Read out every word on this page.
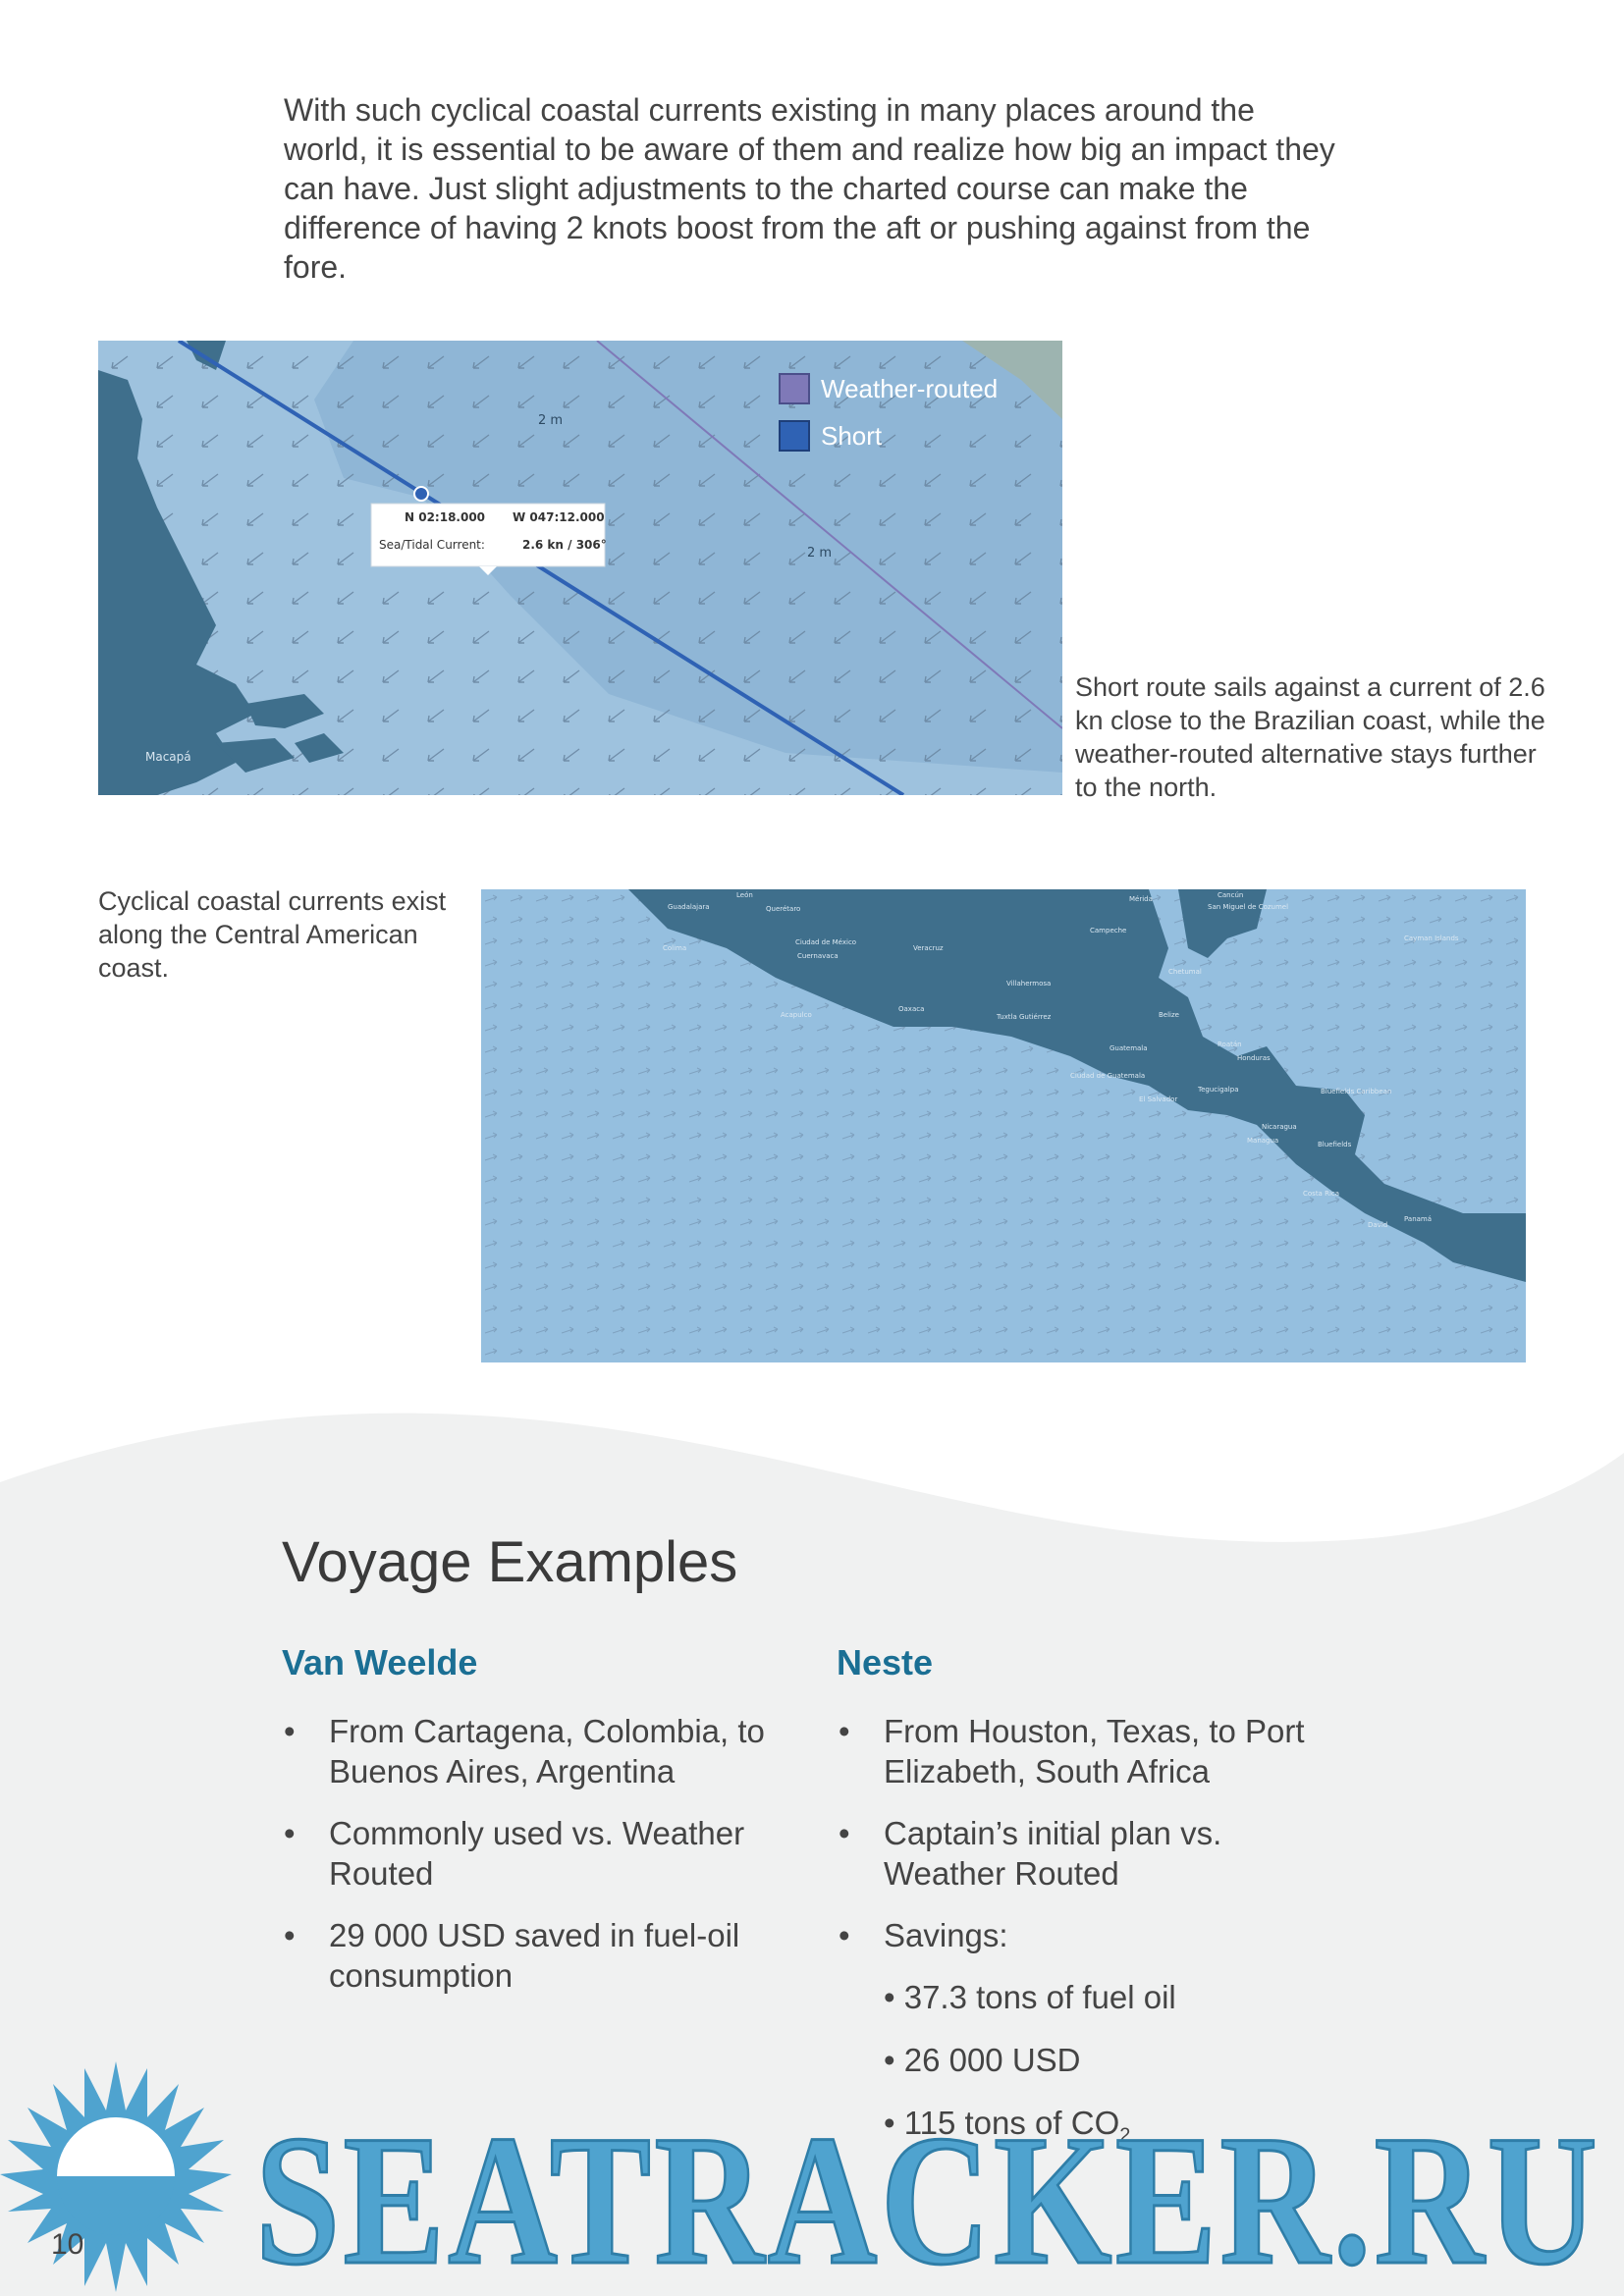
With such cyclical coastal currents existing in many places around the world, it is essential to be aware of them and realize how big an impact they can have. Just slight adjustments to the charted course can make the difference of having 2 knots boost from the aft or pushing against from the fore.
2 m
2 m
Macapá
N 02:18.000 W 047:12.000
Sea/Tidal Current:	2.6 kn / 306°
Weather-routed
Short
Short route sails against a current of 2.6 kn close to the Brazilian coast, while the weather-routed alternative stays further to the north.
Cyclical coastal currents exist along the Central American coast.
León
Guadalajara	Querétaro
Mérida	Cancún
San Miguel de Cozumel
Colima
Ciudad de México
Cuernavaca
Veracruz
Campeche
Cayman Islands
Chetumal
Villahermosa
Acapulco
Oaxaca
Tuxtla Gutiérrez	Belize
Guatemala	Roatán
Honduras
Ciudad de Guatemala
Tegucigalpa	Bluefields Caribbean
El Salvador
Nicaragua
Managua	Bluefields
Costa Rica
David
Panamá
Voyage Examples
Van Weelde
• From Cartagena, Colombia, to Buenos Aires, Argentina
• Commonly used vs. Weather Routed
• 29 000 USD saved in fuel-oil consumption
Neste
• From Houston, Texas, to Port Elizabeth, South Africa
• Captain’s initial plan vs. Weather Routed
• Savings:
• 37.3 tons of fuel oil
• 26 000 USD
• 115 tons of $CO_2$
SEATRACKER.RU
10
